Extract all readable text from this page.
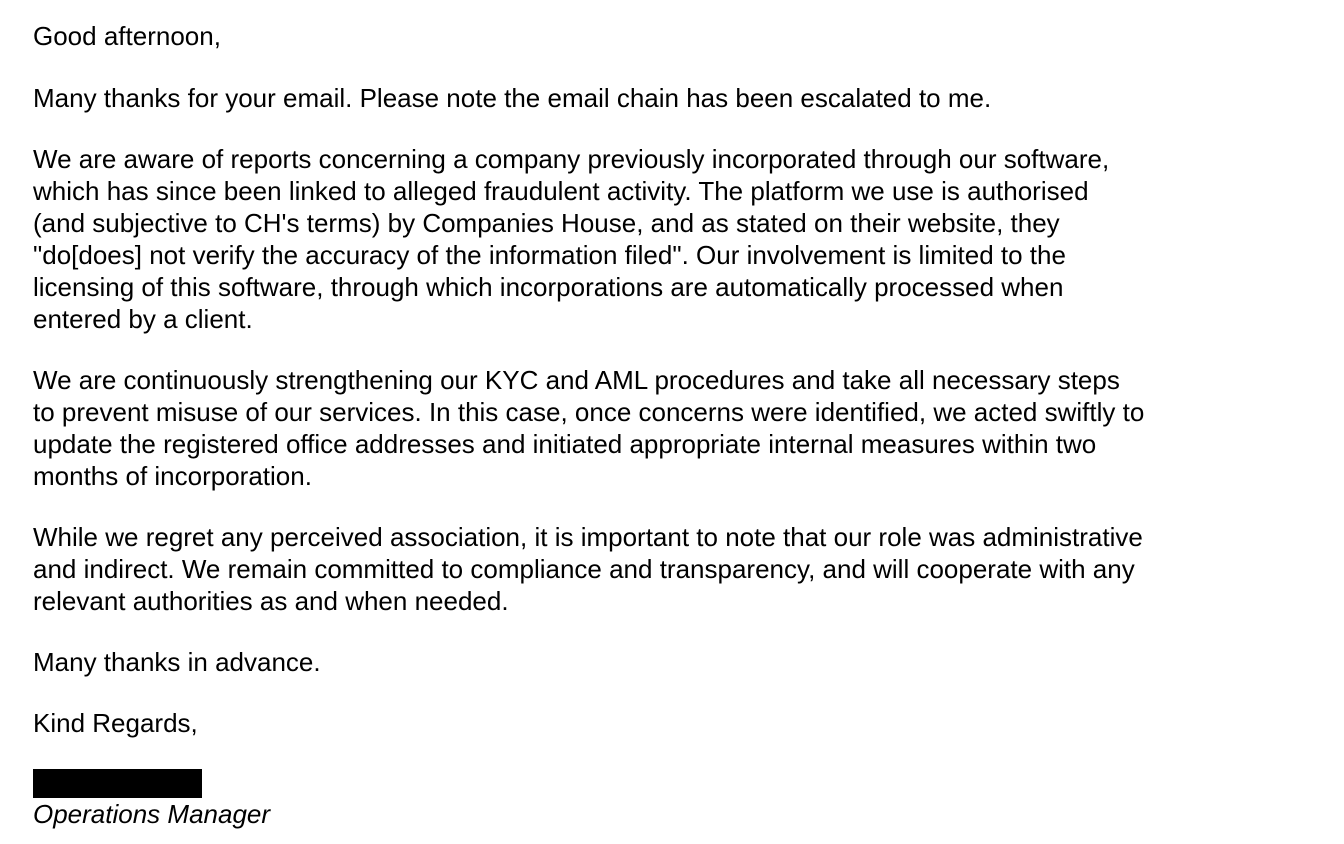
Good afternoon,

Many thanks for your email. Please note the email chain has been escalated to me.

We are aware of reports concerning a company previously incorporated through our software,
which has since been linked to alleged fraudulent activity. The platform we use is authorised
(and subjective to CH's terms) by Companies House, and as stated on their website, they
"do[does] not verify the accuracy of the information filed". Our involvement is limited to the
licensing of this software, through which incorporations are automatically processed when
entered by a client.

We are continuously strengthening our KYC and AML procedures and take all necessary steps
to prevent misuse of our services. In this case, once concerns were identified, we acted swiftly to
update the registered office addresses and initiated appropriate internal measures within two
months of incorporation.

While we regret any perceived association, it is important to note that our role was administrative
and indirect. We remain committed to compliance and transparency, and will cooperate with any
relevant authorities as and when needed.

Many thanks in advance.

Kind Regards,

Operations Manager
